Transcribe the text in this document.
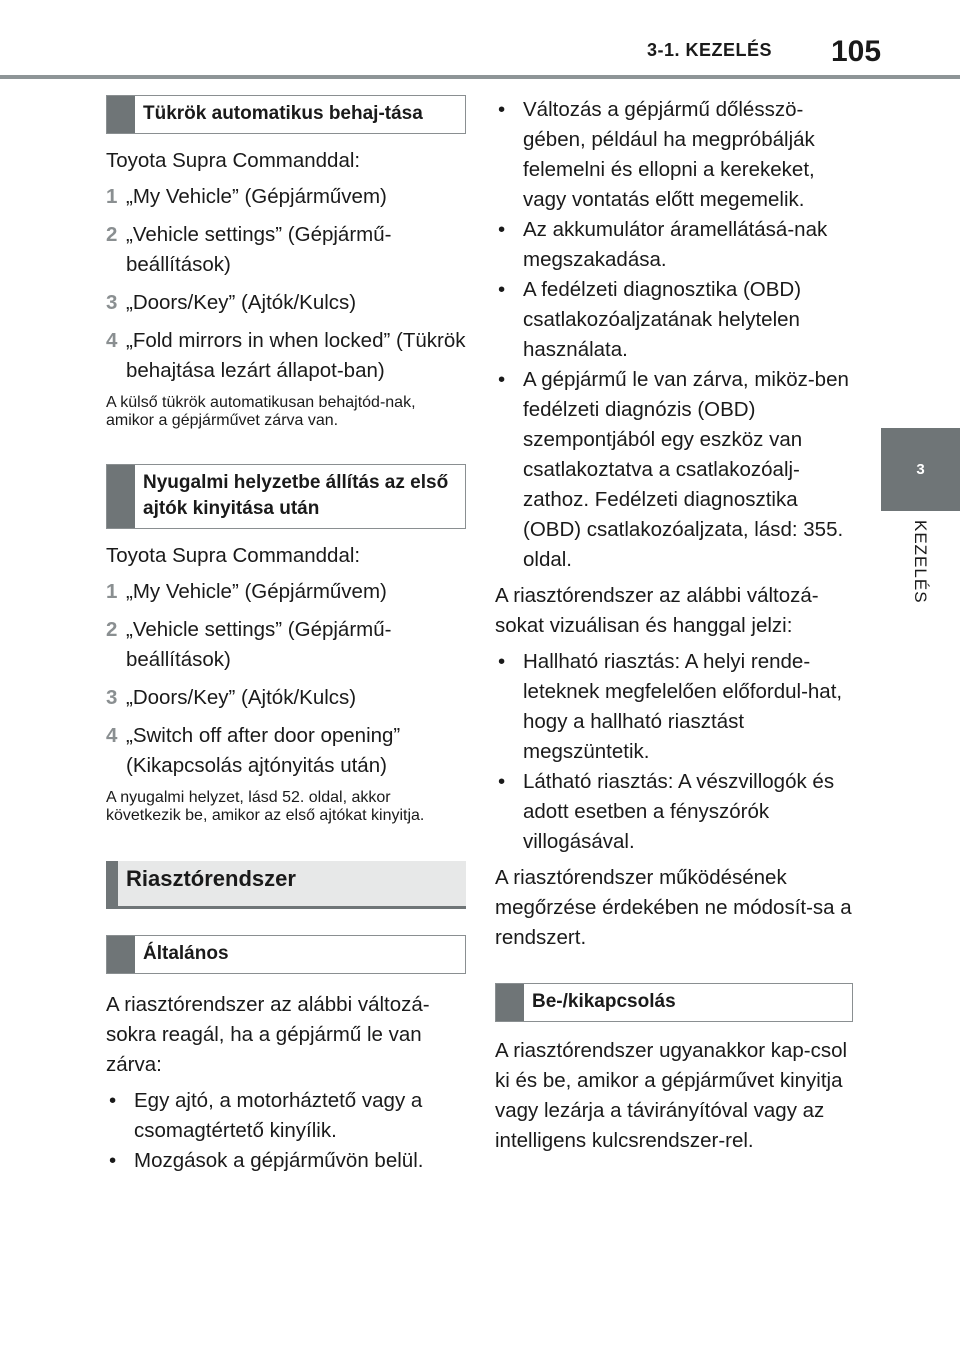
3-1. KEZELÉS 105
3
KEZELÉS
Tükrök automatikus behaj-tása

Toyota Supra Commanddal:

1 „My Vehicle” (Gépjárművem)
2 „Vehicle settings” (Gépjármű-beállítások)
3 „Doors/Key” (Ajtók/Kulcs)
4 „Fold mirrors in when locked” (Tükrök behajtása lezárt állapot-ban)

A külső tükrök automatikusan behajtód-nak, amikor a gépjárművet zárva van.

Nyugalmi helyzetbe állítás az első ajtók kinyitása után

Toyota Supra Commanddal:

1 „My Vehicle” (Gépjárművem)
2 „Vehicle settings” (Gépjármű-beállítások)
3 „Doors/Key” (Ajtók/Kulcs)
4 „Switch off after door opening” (Kikapcsolás ajtónyitás után)

A nyugalmi helyzet, lásd 52. oldal, akkor következik be, amikor az első ajtókat kinyitja.

Riasztórendszer
Általános

A riasztórendszer az alábbi változá-sokra reagál, ha a gépjármű le van zárva:

• Egy ajtó, a motorháztető vagy a csomagtértető kinyílik.
• Mozgások a gépjárművön belül.
• Változás a gépjármű dőlésszö-gében, például ha megpróbálják felemelni és ellopni a kerekeket, vagy vontatás előtt megemelik.
• Az akkumulátor áramellátásá-nak megszakadása.
• A fedélzeti diagnosztika (OBD) csatlakozóaljzatának helytelen használata.
• A gépjármű le van zárva, miköz-ben fedélzeti diagnózis (OBD) szempontjából egy eszköz van csatlakoztatva a csatlakozóalj-zathoz. Fedélzeti diagnosztika (OBD) csatlakozóaljzata, lásd: 355. oldal.

A riasztórendszer az alábbi változá-sokat vizuálisan és hanggal jelzi:

• Hallható riasztás: A helyi rende-leteknek megfelelően előfordul-hat, hogy a hallható riasztást megszüntetik.
• Látható riasztás: A vészvillogók és adott esetben a fényszórók villogásával.

A riasztórendszer működésének megőrzése érdekében ne módosít-sa a rendszert.

Be-/kikapcsolás

A riasztórendszer ugyanakkor kap-csol ki és be, amikor a gépjárművet kinyitja vagy lezárja a távirányítóval vagy az intelligens kulcsrendszer-rel.
